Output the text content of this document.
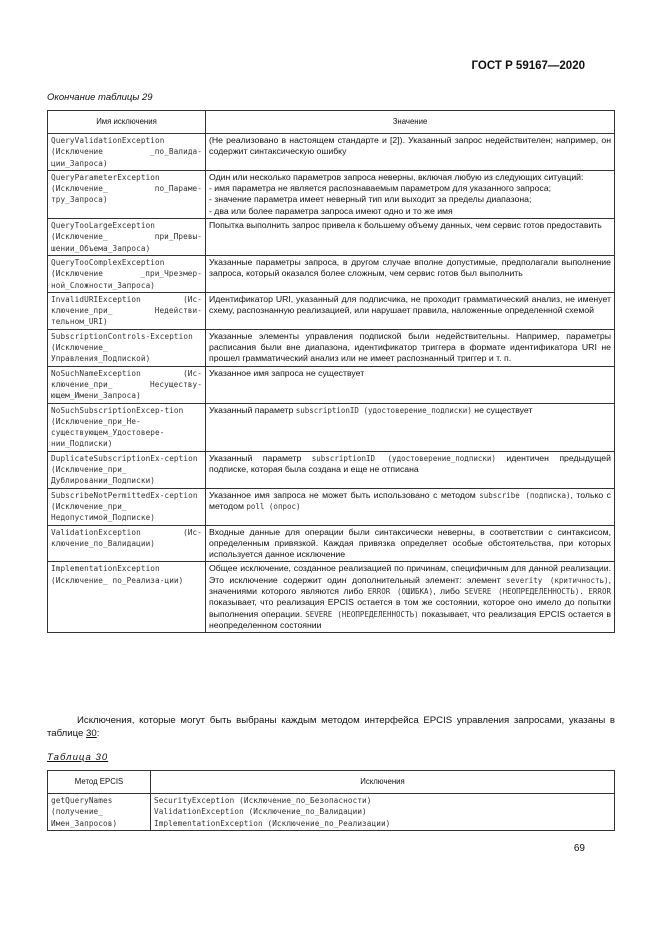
ГОСТ Р 59167—2020
Окончание таблицы 29
Имя исключения	Значение
QueryValidationException (Исключение _по_Валида-ции_Запроса)	(Не реализовано в настоящем стандарте и [2]). Указанный запрос недействителен; например, он содержит синтаксическую ошибку
QueryParameterException (Исключение_ по_Параме-тру_Запроса)	Один или несколько параметров запроса неверны, включая любую из следующих ситуаций:
- имя параметра не является распознаваемым параметром для указанного запроса;
- значение параметра имеет неверный тип или выходит за пределы диапазона;
- два или более параметра запроса имеют одно и то же имя
QueryTooLargeException (Исключение_ при_Превы-шении_Объема_Запроса)	Попытка выполнить запрос привела к большему объему данных, чем сервис готов предоставить
QueryTooComplexException (Исключение _при_Чрезмер-ной_Сложности_Запроса)	Указанные параметры запроса, в другом случае вполне допустимые, предполагали выполнение запроса, который оказался более сложным, чем сервис готов был выполнить
InvalidURIException (Ис-ключение_при_ Недействи-тельном_URI)	Идентификатор URI, указанный для подписчика, не проходит грамматический анализ, не именует схему, распознанную реализацией, или нарушает правила, наложенные определенной схемой
SubscriptionControls-Exception (Исключение_ Управления_Подпиской)	Указанные элементы управления подпиской были недействительны. Например, параметры расписания были вне диапазона, идентификатор триггера в формате идентификатора URI не прошел грамматический анализ или не имеет распознанный триггер и т. п.
NoSuchNameException (Ис-ключение_при_ Несуществу-ющем_Имени_Запроса)	Указанное имя запроса не существует
NoSuchSubscriptionExcep-tion (Исключение_при_Не-существующем_Удостовере-нии_Подписки)	Указанный параметр subscriptionID (удостоверение_подписки) не существует
DuplicateSubscriptionEx-ception (Исключение_при_ Дублировании_Подписки)	Указанный параметр subscriptionID (удостоверение_подписки) идентичен предыдущей подписке, которая была создана и еще не отписана
SubscribeNotPermittedEx-ception (Исключение_при_ Недопустимой_Подписке)	Указанное имя запроса не может быть использовано с методом subscribe (подписка), только с методом poll (опрос)
ValidationException (Ис-ключение_по_Валидации)	Входные данные для операции были синтаксически неверны, в соответствии с синтаксисом, определенным привязкой. Каждая привязка определяет особые обстоятельства, при которых используется данное исключение
ImplementationException (Исключение_ по_Реализа-ции)	Общее исключение, созданное реализацией по причинам, специфичным для данной реализации. Это исключение содержит один дополнительный элемент: элемент severity (критичность), значениями которого являются либо ERROR (ОШИБКА), либо SEVERE (НЕОПРЕДЕЛЕННОСТЬ). ERROR показывает, что реализация EPCIS остается в том же состоянии, которое оно имело до попытки выполнения операции. SEVERE (НЕОПРЕДЕЛЕННОСТЬ) показывает, что реализация EPCIS остается в неопределенном состоянии
Исключения, которые могут быть выбраны каждым методом интерфейса EPCIS управления запросами, указаны в таблице 30:
Таблица 30
Метод EPCIS	Исключения
getQueryNames (получение_ Имен_Запросов)	SecurityException (Исключение_по_Безопасности)
ValidationException (Исключение_по_Валидации)
ImplementationException (Исключение_по_Реализации)
69
